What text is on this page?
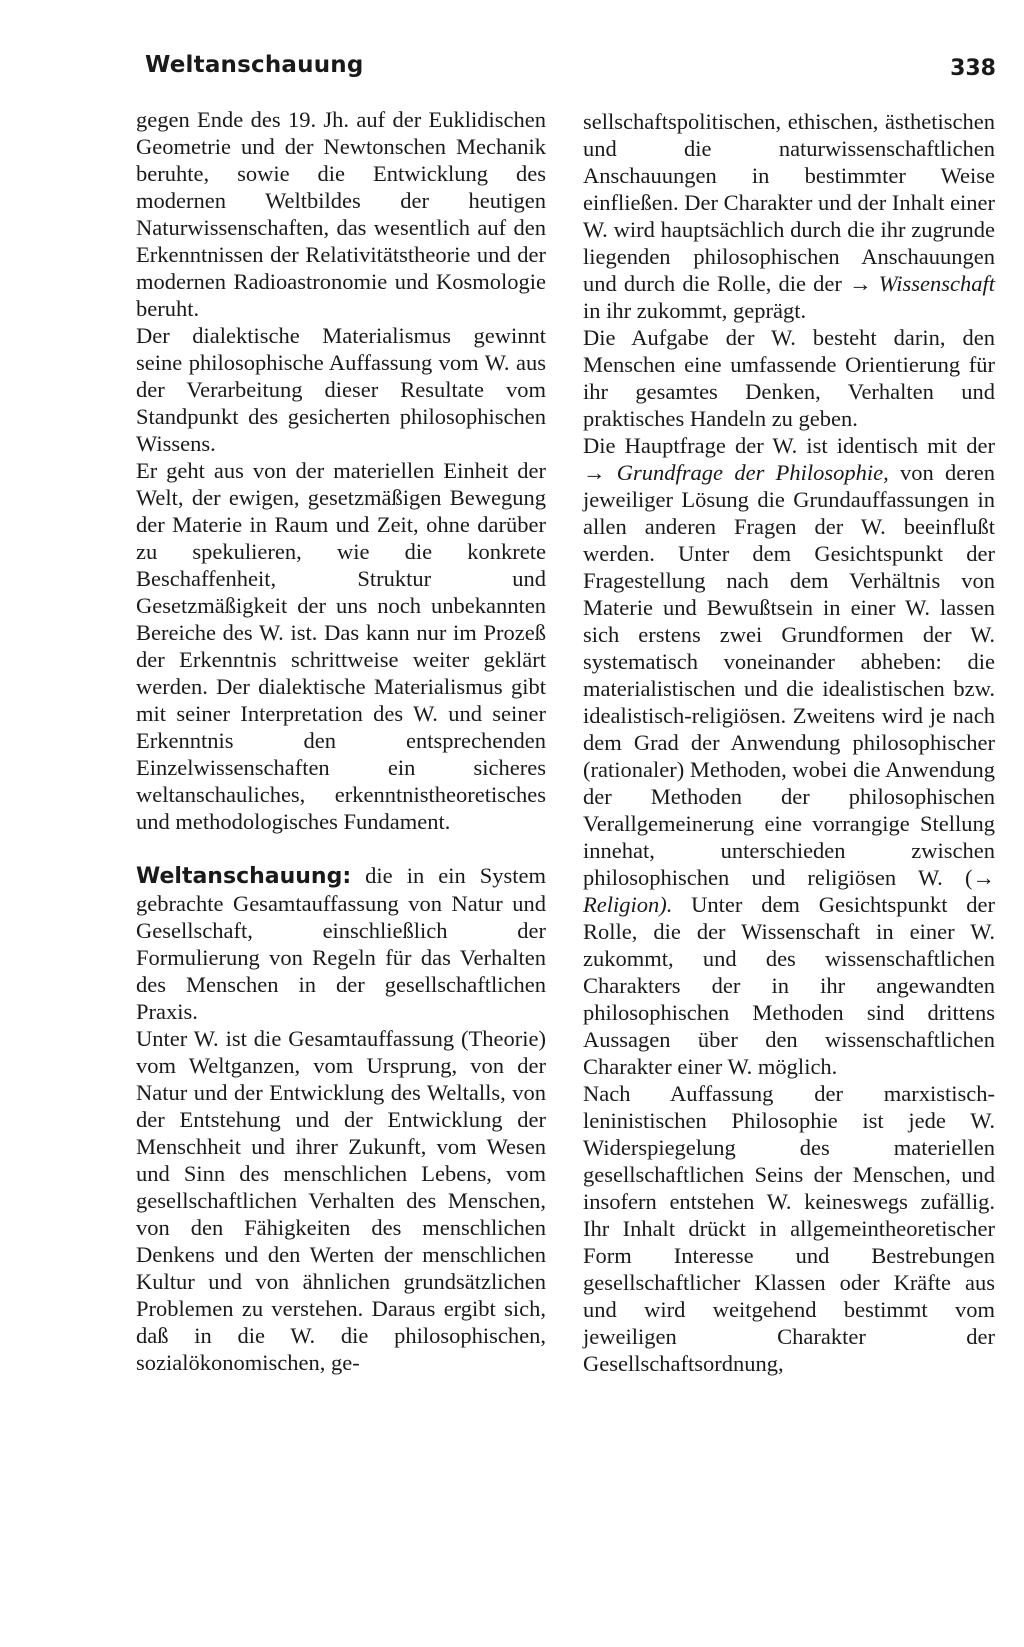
Weltanschauung	338

gegen Ende des 19. Jh. auf der Euklidischen Geometrie und der Newtonschen Mechanik beruhte, sowie die Entwicklung des modernen Weltbildes der heutigen Naturwissenschaften, das wesentlich auf den Erkenntnissen der Relativitätstheorie und der modernen Radioastronomie und Kosmologie beruht.

Der dialektische Materialismus gewinnt seine philosophische Auffassung vom W. aus der Verarbeitung dieser Resultate vom Standpunkt des gesicherten philosophischen Wissens.

Er geht aus von der materiellen Einheit der Welt, der ewigen, gesetzmäßigen Bewegung der Materie in Raum und Zeit, ohne darüber zu spekulieren, wie die konkrete Beschaffenheit, Struktur und Gesetzmäßigkeit der uns noch unbekannten Bereiche des W. ist. Das kann nur im Prozeß der Erkenntnis schrittweise weiter geklärt werden. Der dialektische Materialismus gibt mit seiner Interpretation des W. und seiner Erkenntnis den entsprechenden Einzelwissenschaften ein sicheres weltanschauliches, erkenntnistheoretisches und methodologisches Fundament.

Weltanschauung: die in ein System gebrachte Gesamtauffassung von Natur und Gesellschaft, einschließlich der Formulierung von Regeln für das Verhalten des Menschen in der gesellschaftlichen Praxis.

Unter W. ist die Gesamtauffassung (Theorie) vom Weltganzen, vom Ursprung, von der Natur und der Entwicklung des Weltalls, von der Entstehung und der Entwicklung der Menschheit und ihrer Zukunft, vom Wesen und Sinn des menschlichen Lebens, vom gesellschaftlichen Verhalten des Menschen, von den Fähigkeiten des menschlichen Denkens und den Werten der menschlichen Kultur und von ähnlichen grundsätzlichen Problemen zu verstehen. Daraus ergibt sich, daß in die W. die philosophischen, sozialökonomischen, ge-

sellschaftspolitischen, ethischen, ästhetischen und die naturwissenschaftlichen Anschauungen in bestimmter Weise einfließen. Der Charakter und der Inhalt einer W. wird hauptsächlich durch die ihr zugrunde liegenden philosophischen Anschauungen und durch die Rolle, die der → Wissenschaft in ihr zukommt, geprägt.

Die Aufgabe der W. besteht darin, den Menschen eine umfassende Orientierung für ihr gesamtes Denken, Verhalten und praktisches Handeln zu geben.

Die Hauptfrage der W. ist identisch mit der → Grundfrage der Philosophie, von deren jeweiliger Lösung die Grundauffassungen in allen anderen Fragen der W. beeinflußt werden. Unter dem Gesichtspunkt der Fragestellung nach dem Verhältnis von Materie und Bewußtsein in einer W. lassen sich erstens zwei Grundformen der W. systematisch voneinander abheben: die materialistischen und die idealistischen bzw. idealistisch-religiösen. Zweitens wird je nach dem Grad der Anwendung philosophischer (rationaler) Methoden, wobei die Anwendung der Methoden der philosophischen Verallgemeinerung eine vorrangige Stellung innehat, unterschieden zwischen philosophischen und religiösen W. (→ Religion). Unter dem Gesichtspunkt der Rolle, die der Wissenschaft in einer W. zukommt, und des wissenschaftlichen Charakters der in ihr angewandten philosophischen Methoden sind drittens Aussagen über den wissenschaftlichen Charakter einer W. möglich.

Nach Auffassung der marxistisch-leninistischen Philosophie ist jede W. Widerspiegelung des materiellen gesellschaftlichen Seins der Menschen, und insofern entstehen W. keineswegs zufällig. Ihr Inhalt drückt in allgemeintheoretischer Form Interesse und Bestrebungen gesellschaftlicher Klassen oder Kräfte aus und wird weitgehend bestimmt vom jeweiligen Charakter der Gesellschaftsordnung,
